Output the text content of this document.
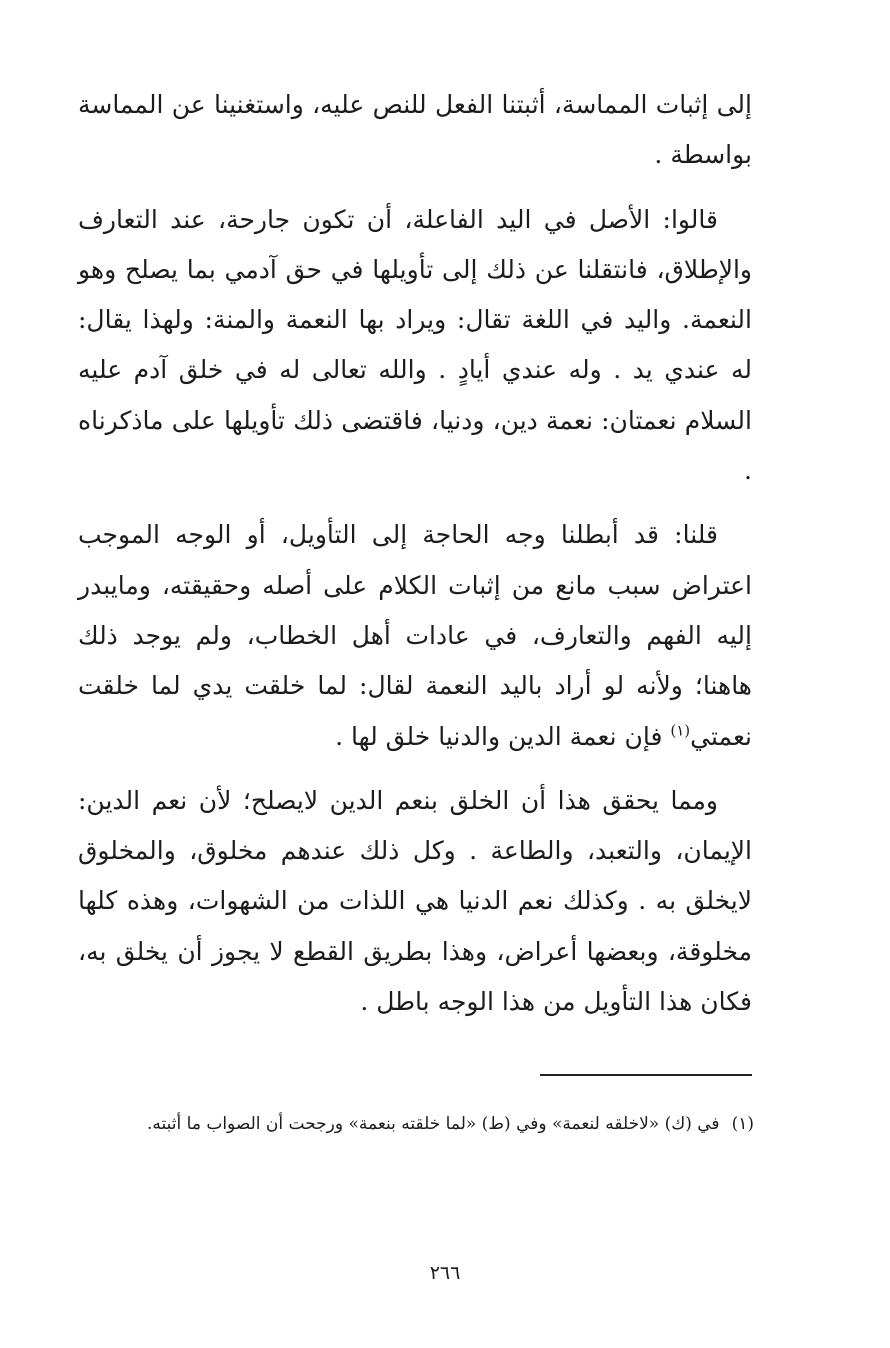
إلى إثبات المماسة، أثبتنا الفعل للنص عليه، واستغنينا عن المماسة بواسطة .

قالوا: الأصل في اليد الفاعلة، أن تكون جارحة، عند التعارف والإطلاق، فانتقلنا عن ذلك إلى تأويلها في حق آدمي بما يصلح وهو النعمة. واليد في اللغة تقال: ويراد بها النعمة والمنة: ولهذا يقال: له عندي يد . وله عندي أيادٍ . والله تعالى له في خلق آدم عليه السلام نعمتان: نعمة دين، ودنيا، فاقتضى ذلك تأويلها على ماذكرناه .

قلنا: قد أبطلنا وجه الحاجة إلى التأويل، أو الوجه الموجب اعتراض سبب مانع من إثبات الكلام على أصله وحقيقته، ومايبدر إليه الفهم والتعارف، في عادات أهل الخطاب، ولم يوجد ذلك هاهنا؛ ولأنه لو أراد باليد النعمة لقال: لما خلقت يدي لما خلقت نعمتي$^{(١)}$ فإن نعمة الدين والدنيا خلق لها .

ومما يحقق هذا أن الخلق بنعم الدين لايصلح؛ لأن نعم الدين: الإيمان، والتعبد، والطاعة . وكل ذلك عندهم مخلوق، والمخلوق لايخلق به . وكذلك نعم الدنيا هي اللذات من الشهوات، وهذه كلها مخلوقة، وبعضها أعراض، وهذا بطريق القطع لا يجوز أن يخلق به، فكان هذا التأويل من هذا الوجه باطل .

(١)في (ك) «لاخلقه لنعمة» وفي (ط) «لما خلقته بنعمة» ورجحت أن الصواب ما أثبته.
٢٦٦
